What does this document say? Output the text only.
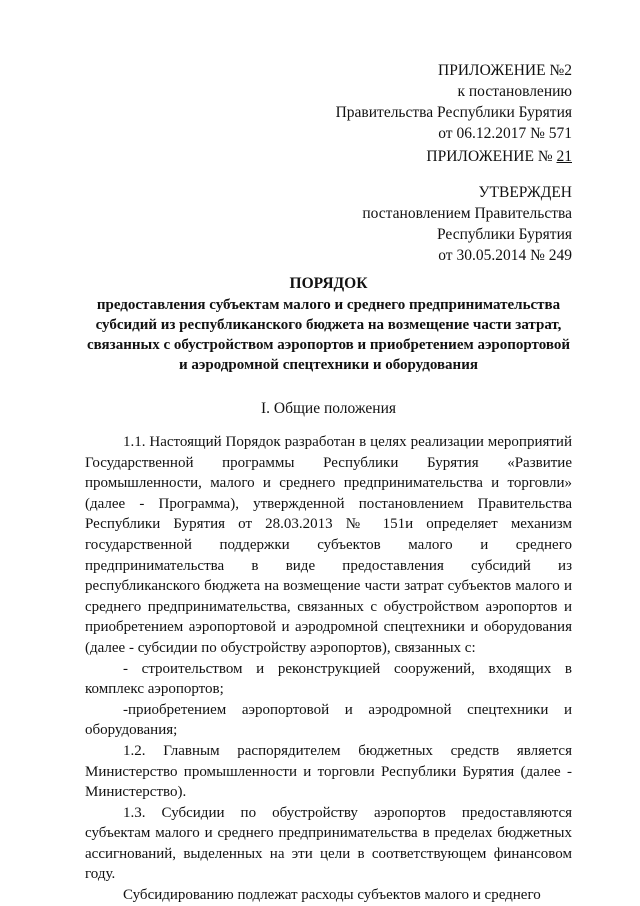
ПРИЛОЖЕНИЕ №2
к постановлению
Правительства Республики Бурятия
от 06.12.2017 № 571
ПРИЛОЖЕНИЕ № 21
УТВЕРЖДЕН
постановлением Правительства
Республики Бурятия
от 30.05.2014 № 249
ПОРЯДОК
предоставления субъектам малого и среднего предпринимательства субсидий из республиканского бюджета на возмещение части затрат, связанных с обустройством аэропортов и приобретением аэропортовой и аэродромной спецтехники и оборудования
I. Общие положения

1.1. Настоящий Порядок разработан в целях реализации мероприятий Государственной программы Республики Бурятия «Развитие промышленности, малого и среднего предпринимательства и торговли» (далее - Программа), утвержденной постановлением Правительства Республики Бурятия от 28.03.2013 № 151и определяет механизм государственной поддержки субъектов малого и среднего предпринимательства в виде предоставления субсидий из республиканского бюджета на возмещение части затрат субъектов малого и среднего предпринимательства, связанных с обустройством аэропортов и приобретением аэропортовой и аэродромной спецтехники и оборудования (далее - субсидии по обустройству аэропортов), связанных с:

- строительством и реконструкцией сооружений, входящих в комплекс аэропортов;

-приобретением аэропортовой и аэродромной спецтехники и оборудования;

1.2. Главным распорядителем бюджетных средств является Министерство промышленности и торговли Республики Бурятия (далее - Министерство).

1.3. Субсидии по обустройству аэропортов предоставляются субъектам малого и среднего предпринимательства в пределах бюджетных ассигнований, выделенных на эти цели в соответствующем финансовом году.

Субсидированию подлежат расходы субъектов малого и среднего
